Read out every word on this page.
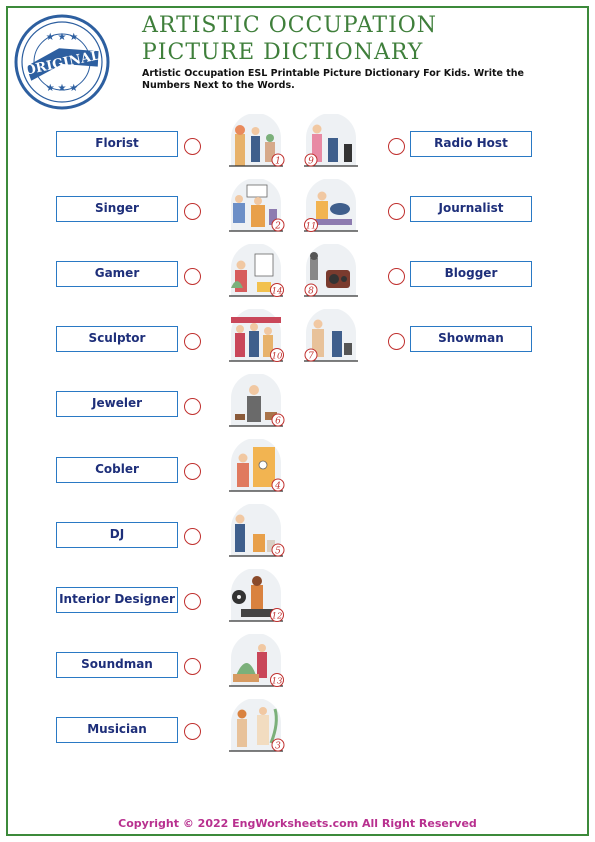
ORIGINAL
★ ★ ★
★ ★ ★
ARTISTIC OCCUPATION
PICTURE DICTIONARY

Artistic Occupation ESL Printable Picture Dictionary For Kids. Write the Numbers Next to the Words.

Florist
Singer
Gamer
Sculptor
Jeweler
Cobler
DJ
Interior Designer
Soundman
Musician
Radio Host
Journalist
Blogger
Showman
1
2
14
10
6
4
5
12
13
3
9
11
8
7
Copyright © 2022 EngWorksheets.com All Right Reserved
